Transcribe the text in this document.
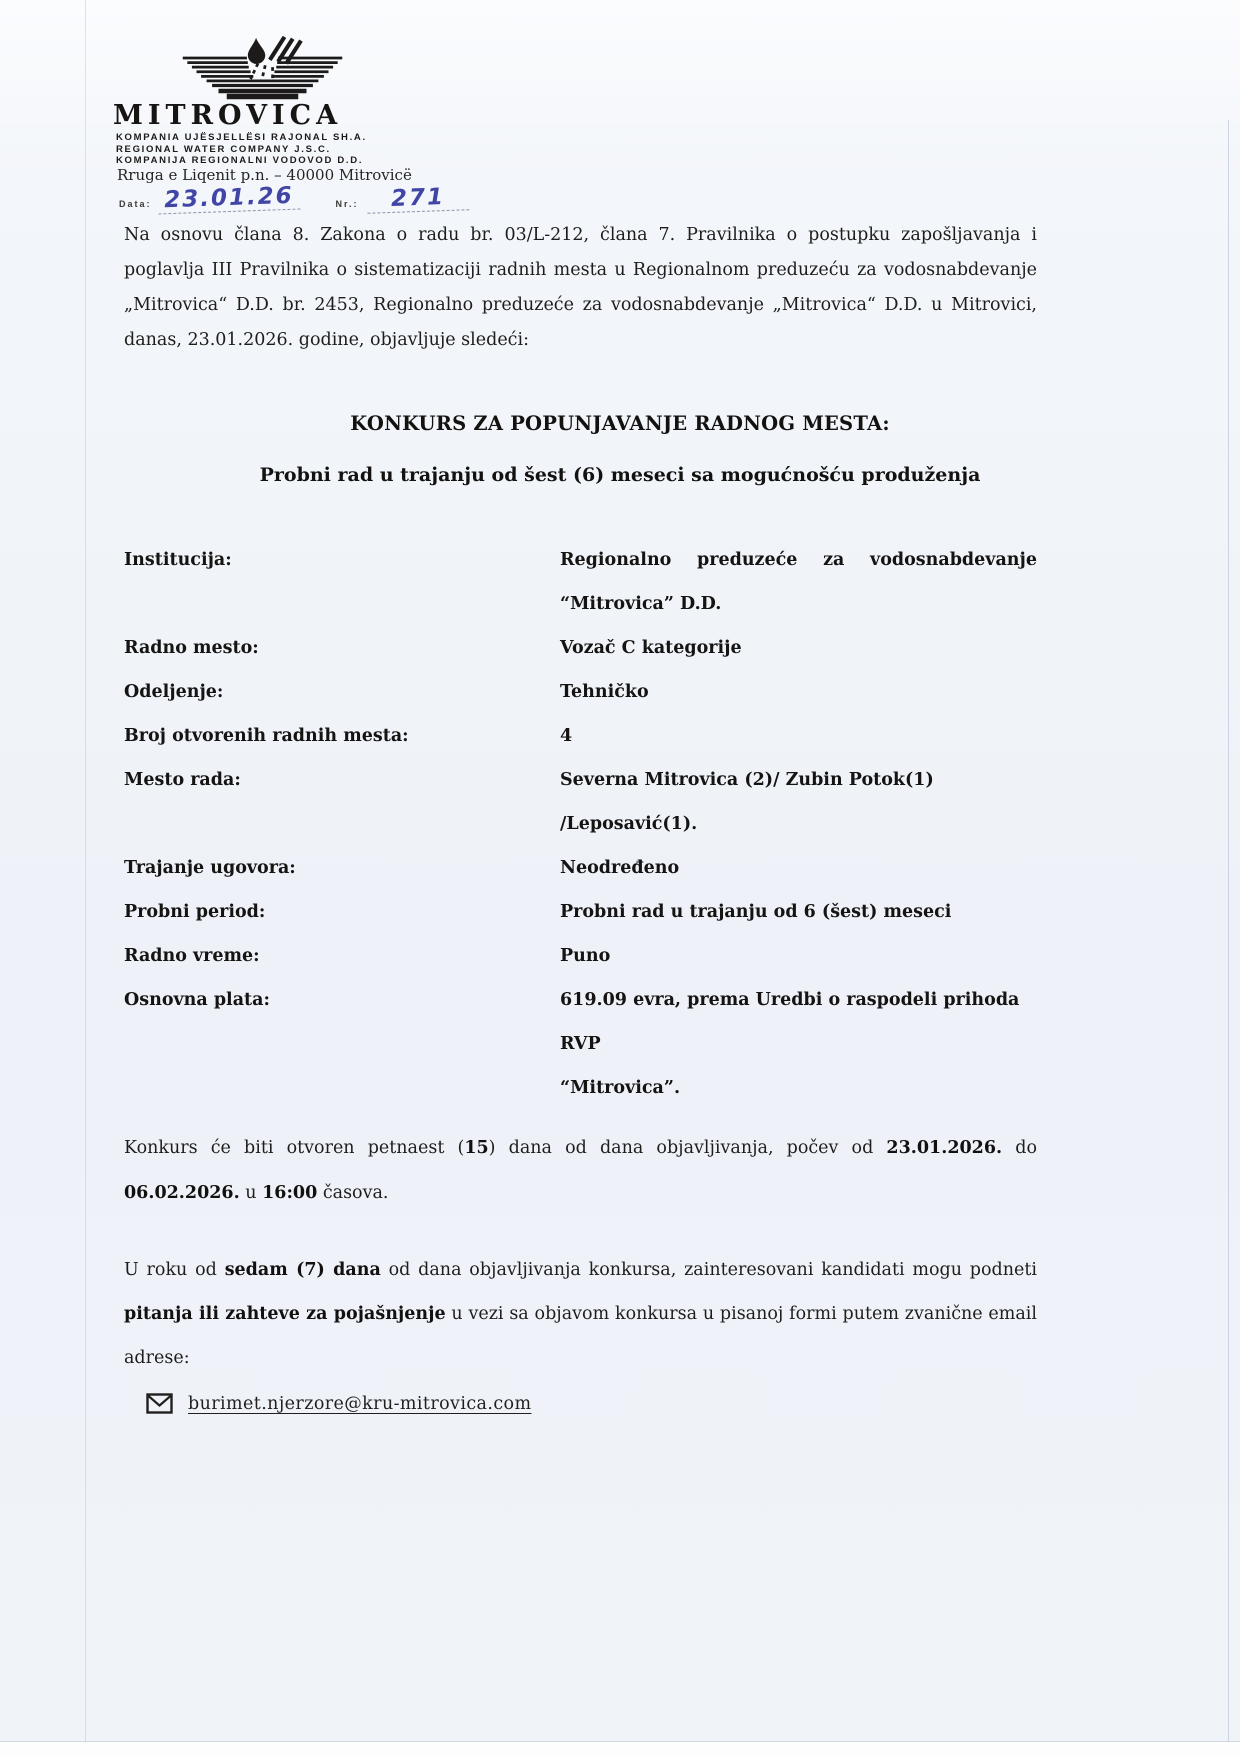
MITROVICA
KOMPANIA UJËSJELLËSI RAJONAL SH.A.
REGIONAL WATER COMPANY J.S.C.
KOMPANIJA REGIONALNI VODOVOD D.D.
Rruga e Liqenit p.n. – 40000 Mitrovicë
Data: 23.01.26	Nr.:	271
Na osnovu člana 8. Zakona o radu br. 03/L-212, člana 7. Pravilnika o postupku zapošljavanja i poglavlja III Pravilnika o sistematizaciji radnih mesta u Regionalnom preduzeću za vodosnabdevanje „Mitrovica“ D.D. br. 2453, Regionalno preduzeće za vodosnabdevanje „Mitrovica“ D.D. u Mitrovici, danas, 23.01.2026. godine, objavljuje sledeći:
KONKURS ZA POPUNJAVANJE RADNOG MESTA:
Probni rad u trajanju od šest (6) meseci sa mogućnošću produženja
Institucija:	Regionalno preduzeće za vodosnabdevanje
“Mitrovica” D.D.
Radno mesto:	Vozač C kategorije
Odeljenje:	Tehničko
Broj otvorenih radnih mesta:	4
Mesto rada:	Severna Mitrovica (2)/ Zubin Potok(1)
/Leposavić(1).
Trajanje ugovora:	Neodređeno
Probni period:	Probni rad u trajanju od 6 (šest) meseci
Radno vreme:	Puno
Osnovna plata:	619.09 evra, prema Uredbi o raspodeli prihoda RVP
“Mitrovica”.
Konkurs će biti otvoren petnaest (15) dana od dana objavljivanja, počev od 23.01.2026. do 06.02.2026. u 16:00 časova.
U roku od sedam (7) dana od dana objavljivanja konkursa, zainteresovani kandidati mogu podneti pitanja ili zahteve za pojašnjenje u vezi sa objavom konkursa u pisanoj formi putem zvanične email adrese:
burimet.njerzore@kru-mitrovica.com
